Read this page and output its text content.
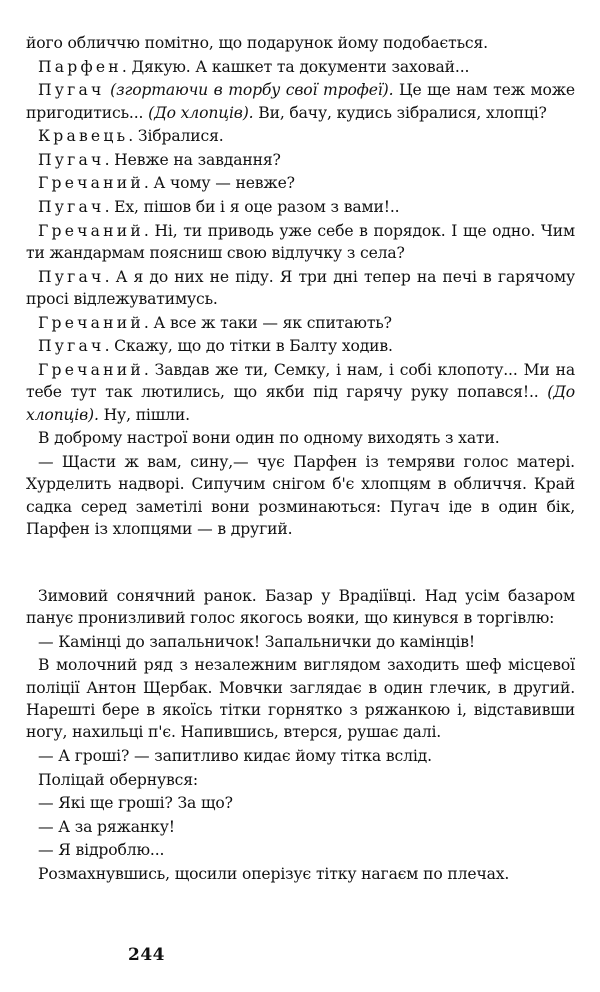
його обличчю помітно, що подарунок йому подобається.

Парфен. Дякую. А кашкет та документи заховай...

Пугач (згортаючи в торбу свої трофеї). Це ще нам теж може пригодитись... (До хлопців). Ви, бачу, кудись зібралися, хлопці?

Кравець. Зібралися.

Пугач. Невже на завдання?

Гречаний. А чому — невже?

Пугач. Ех, пішов би і я оце разом з вами!..

Гречаний. Ні, ти приводь уже себе в порядок. І ще одно. Чим ти жандармам поясниш свою відлучку з села?

Пугач. А я до них не піду. Я три дні тепер на печі в гарячому просі відлежуватимусь.

Гречаний. А все ж таки — як спитають?

Пугач. Скажу, що до тітки в Балту ходив.

Гречаний. Завдав же ти, Семку, і нам, і собі клопоту... Ми на тебе тут так лютились, що якби під гарячу руку попався!.. (До хлопців). Ну, пішли.

В доброму настрої вони один по одному виходять з хати.

— Щасти ж вам, сину,— чує Парфен із темряви голос матері. Хурделить надворі. Сипучим снігом б'є хлопцям в обличчя. Край садка серед заметілі вони розминаються: Пугач іде в один бік, Парфен із хлопцями — в другий.

Зимовий сонячний ранок. Базар у Врадіївці. Над усім базаром панує пронизливий голос якогось вояки, що кинувся в торгівлю:

— Камінці до запальничок! Запальнички до камінців!

В молочний ряд з незалежним виглядом заходить шеф місцевої поліції Антон Щербак. Мовчки заглядає в один глечик, в другий. Нарешті бере в якоїсь тітки горнятко з ряжанкою і, відставивши ногу, нахильці п'є. Напившись, втерся, рушає далі.

— А гроші? — запитливо кидає йому тітка вслід.

Поліцай обернувся:

— Які ще гроші? За що?

— А за ряжанку!

— Я відроблю...

Розмахнувшись, щосили оперізує тітку нагаєм по плечах.

244
